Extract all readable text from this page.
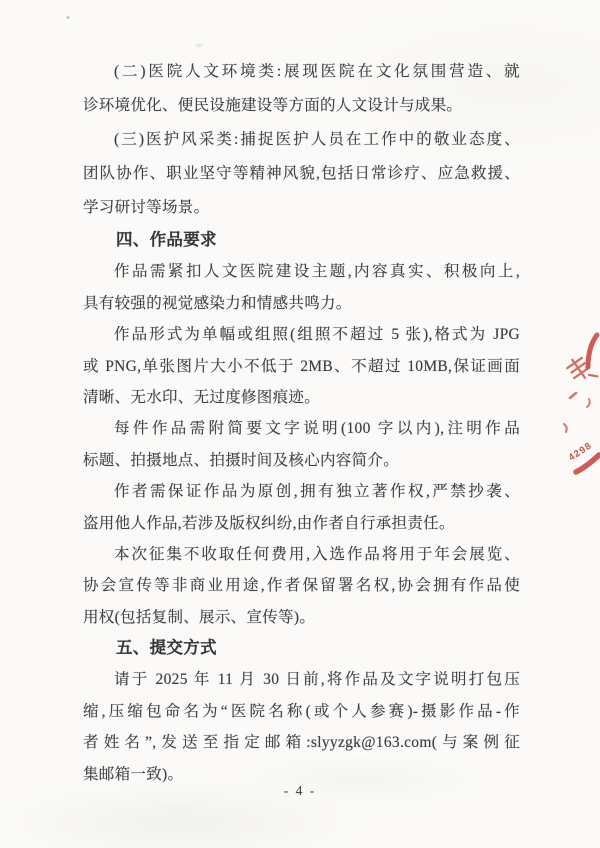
(二)医院人文环境类:展现医院在文化氛围营造、就
诊环境优化、便民设施建设等方面的人文设计与成果。
(三)医护风采类:捕捉医护人员在工作中的敬业态度、
团队协作、职业坚守等精神风貌,包括日常诊疗、应急救援、
学习研讨等场景。
四、作品要求
作品需紧扣人文医院建设主题,内容真实、积极向上,
具有较强的视觉感染力和情感共鸣力。
作品形式为单幅或组照(组照不超过 5 张),格式为 JPG
或 PNG,单张图片大小不低于 2MB、不超过 10MB,保证画面
清晰、无水印、无过度修图痕迹。
每件作品需附简要文字说明(100 字以内),注明作品
标题、拍摄地点、拍摄时间及核心内容简介。
作者需保证作品为原创,拥有独立著作权,严禁抄袭、
盗用他人作品,若涉及版权纠纷,由作者自行承担责任。
本次征集不收取任何费用,入选作品将用于年会展览、
协会宣传等非商业用途,作者保留署名权,协会拥有作品使
用权(包括复制、展示、宣传等)。
五、提交方式
请于 2025 年 11 月 30 日前,将作品及文字说明打包压
缩,压缩包命名为“医院名称(或个人参赛)-摄影作品-作
者姓名”,发送至指定邮箱:slyyzgk@163.com(与案例征
集邮箱一致)。
- 4 -
4298
